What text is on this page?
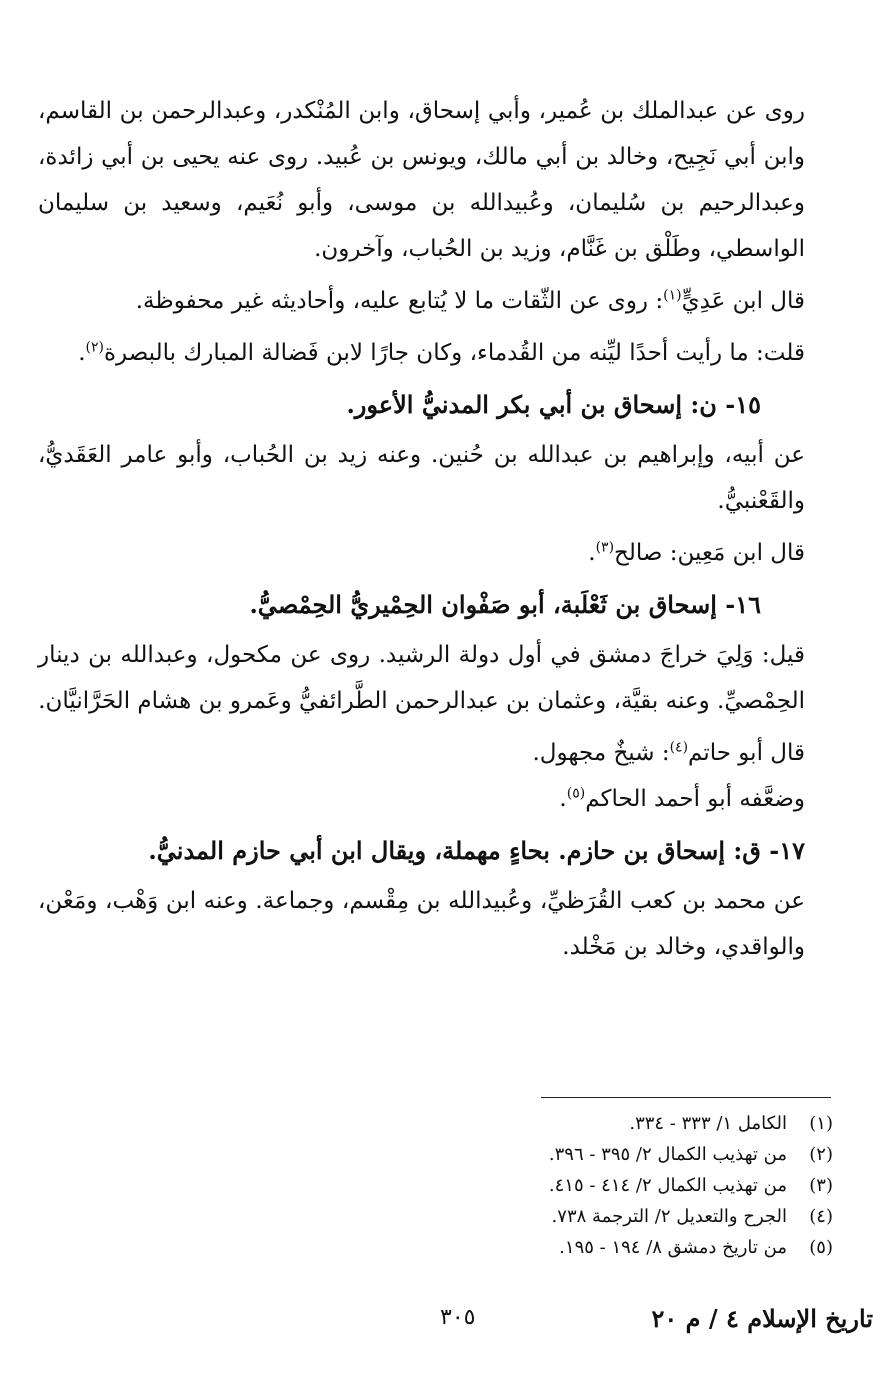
روى عن عبدالملك بن عُمير، وأبي إسحاق، وابن المُنْكدر، وعبدالرحمن بن القاسم، وابن أبي نَجِيح، وخالد بن أبي مالك، ويونس بن عُبيد. روى عنه يحيى بن أبي زائدة، وعبدالرحيم بن سُليمان، وعُبيدالله بن موسى، وأبو نُعَيم، وسعيد بن سليمان الواسطي، وطَلْق بن غَنَّام، وزيد بن الحُباب، وآخرون.

قال ابن عَدِيٍّ$^{(١)}$: روى عن الثّقات ما لا يُتابع عليه، وأحاديثه غير محفوظة.

قلت: ما رأيت أحدًا ليِّنه من القُدماء، وكان جارًا لابن فَضالة المبارك بالبصرة$^{(٢)}$.

١٥- ن: إسحاق بن أبي بكر المدنيُّ الأعور.

عن أبيه، وإبراهيم بن عبدالله بن حُنين. وعنه زيد بن الحُباب، وأبو عامر العَقَديُّ، والقَعْنبيُّ.

قال ابن مَعِين: صالح$^{(٣)}$.

١٦- إسحاق بن ثَعْلَبة، أبو صَفْوان الحِمْيريُّ الحِمْصيُّ.

قيل: وَلِيَ خراجَ دمشق في أول دولة الرشيد. روى عن مكحول، وعبدالله بن دينار الحِمْصيِّ. وعنه بقيَّة، وعثمان بن عبدالرحمن الطَّرائفيُّ وعَمرو بن هشام الحَرَّانيَّان.

قال أبو حاتم$^{(٤)}$: شيخٌ مجهول.

وضعَّفه أبو أحمد الحاكم$^{(٥)}$.

١٧- ق: إسحاق بن حازم. بحاءٍ مهملة، ويقال ابن أبي حازم المدنيُّ.

عن محمد بن كعب القُرَظيِّ، وعُبيدالله بن مِقْسم، وجماعة. وعنه ابن وَهْب، ومَعْن، والواقدي، وخالد بن مَخْلد.

(١)
الكامل ١/ ٣٣٣ - ٣٣٤.
(٢)
من تهذيب الكمال ٢/ ٣٩٥ - ٣٩٦.
(٣)
من تهذيب الكمال ٢/ ٤١٤ - ٤١٥.
(٤)
الجرح والتعديل ٢/ الترجمة ٧٣٨.
(٥)
من تاريخ دمشق ٨/ ١٩٤ - ١٩٥.
٣٠٥	تاريخ الإسلام ٤ / م ٢٠
